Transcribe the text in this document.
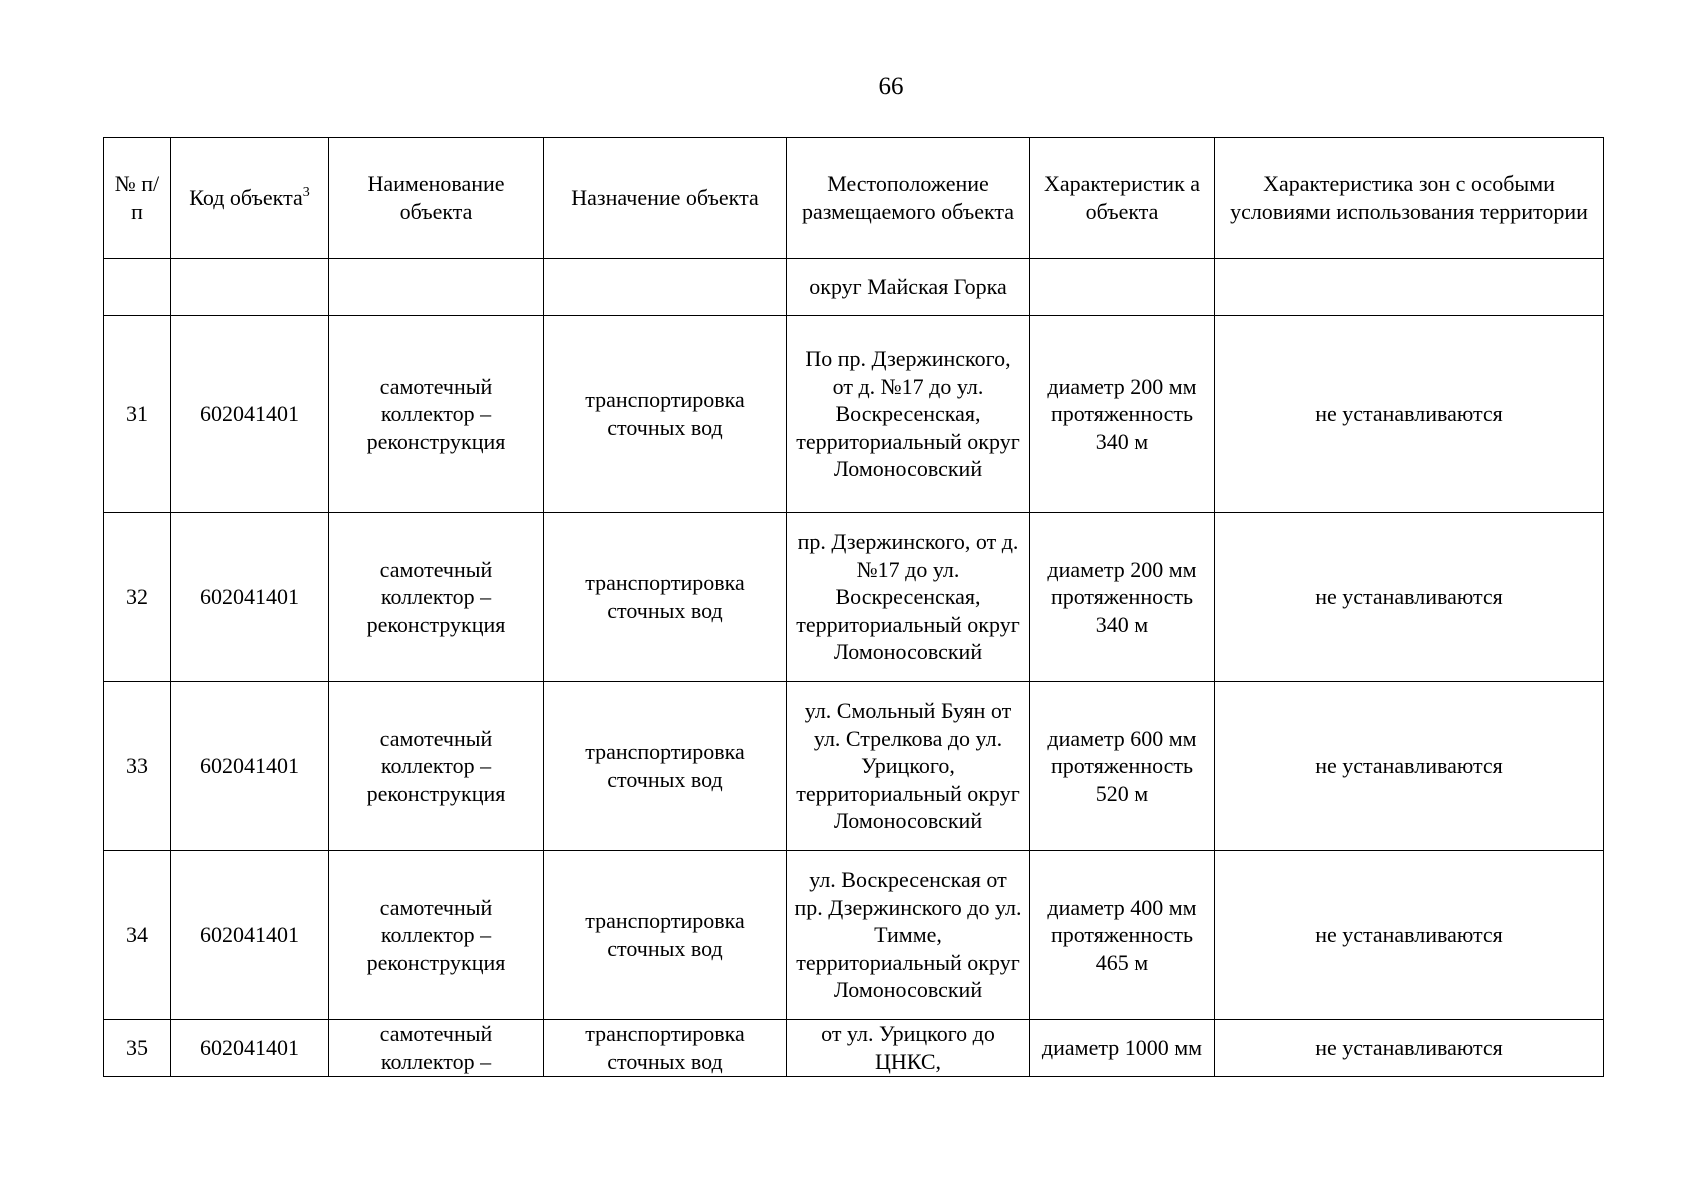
66
№ п/п	Код объекта$^3$	Наименование объекта	Назначение объекта	Местоположение размещаемого объекта	Характеристик а объекта	Характеристика зон с особыми условиями использования территории
				округ Майская Горка		
31	602041401	самотечный коллектор – реконструкция	транспортировка сточных вод	По пр. Дзержинского, от д. №17 до ул. Воскресенская, территориальный округ Ломоносовский	диаметр 200 мм протяженность 340 м	не устанавливаются
32	602041401	самотечный коллектор – реконструкция	транспортировка сточных вод	пр. Дзержинского, от д. №17 до ул. Воскресенская, территориальный округ Ломоносовский	диаметр 200 мм протяженность 340 м	не устанавливаются
33	602041401	самотечный коллектор – реконструкция	транспортировка сточных вод	ул. Смольный Буян от ул. Стрелкова до ул. Урицкого, территориальный округ Ломоносовский	диаметр 600 мм протяженность 520 м	не устанавливаются
34	602041401	самотечный коллектор – реконструкция	транспортировка сточных вод	ул. Воскресенская от пр. Дзержинского до ул. Тимме, территориальный округ Ломоносовский	диаметр 400 мм протяженность 465 м	не устанавливаются
35	602041401	самотечный коллектор –	транспортировка сточных вод	от ул. Урицкого до ЦНКС,	диаметр 1000 мм	не устанавливаются
